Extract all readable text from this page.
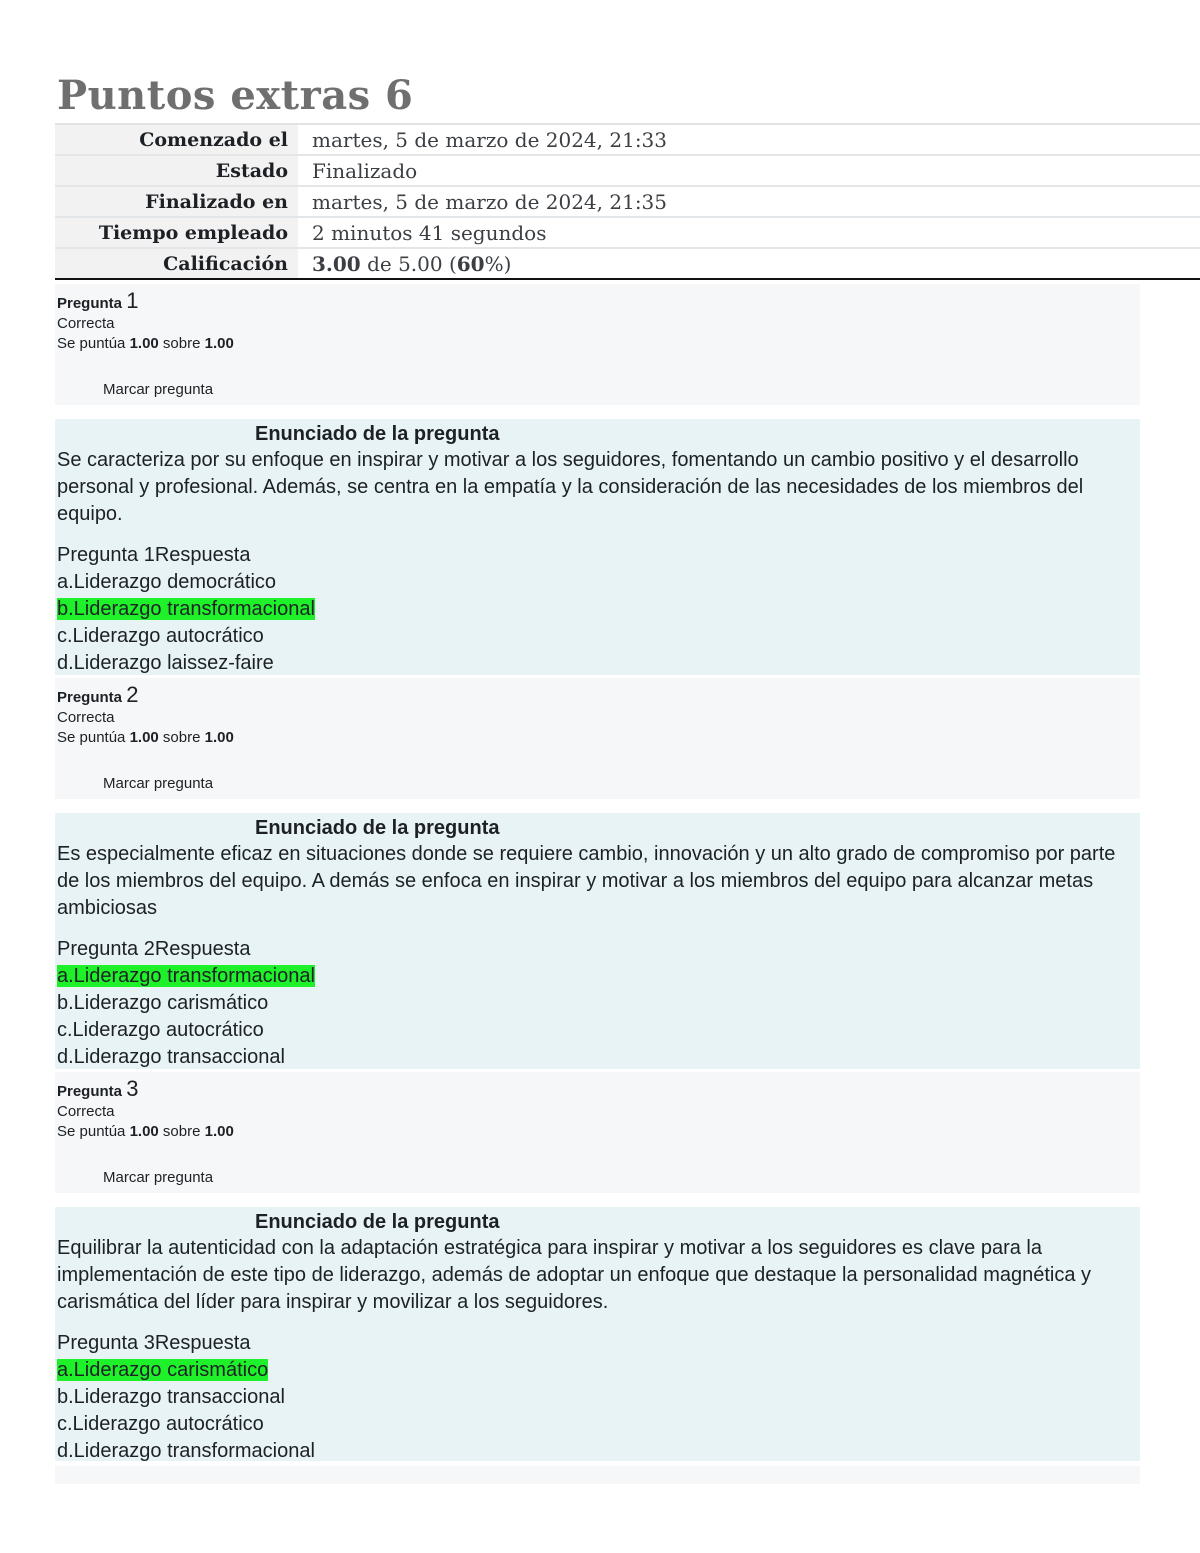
Puntos extras 6
Comenzado el	martes, 5 de marzo de 2024, 21:33
Estado	Finalizado
Finalizado en	martes, 5 de marzo de 2024, 21:35
Tiempo empleado	2 minutos 41 segundos
Calificación	3.00 de 5.00 (60%)
Pregunta 1
Correcta
Se puntúa 1.00 sobre 1.00
Marcar pregunta
Enunciado de la pregunta
Se caracteriza por su enfoque en inspirar y motivar a los seguidores, fomentando un cambio positivo y el desarrollo personal y profesional. Además, se centra en la empatía y la consideración de las necesidades de los miembros del equipo.
Pregunta 1Respuesta
a.Liderazgo democrático
b.Liderazgo transformacional
c.Liderazgo autocrático
d.Liderazgo laissez-faire
Pregunta 2
Correcta
Se puntúa 1.00 sobre 1.00
Marcar pregunta
Enunciado de la pregunta
Es especialmente eficaz en situaciones donde se requiere cambio, innovación y un alto grado de compromiso por parte de los miembros del equipo. A demás se enfoca en inspirar y motivar a los miembros del equipo para alcanzar metas ambiciosas
Pregunta 2Respuesta
a.Liderazgo transformacional
b.Liderazgo carismático
c.Liderazgo autocrático
d.Liderazgo transaccional
Pregunta 3
Correcta
Se puntúa 1.00 sobre 1.00
Marcar pregunta
Enunciado de la pregunta
Equilibrar la autenticidad con la adaptación estratégica para inspirar y motivar a los seguidores es clave para la implementación de este tipo de liderazgo, además de adoptar un enfoque que destaque la personalidad magnética y carismática del líder para inspirar y movilizar a los seguidores.
Pregunta 3Respuesta
a.Liderazgo carismático
b.Liderazgo transaccional
c.Liderazgo autocrático
d.Liderazgo transformacional
